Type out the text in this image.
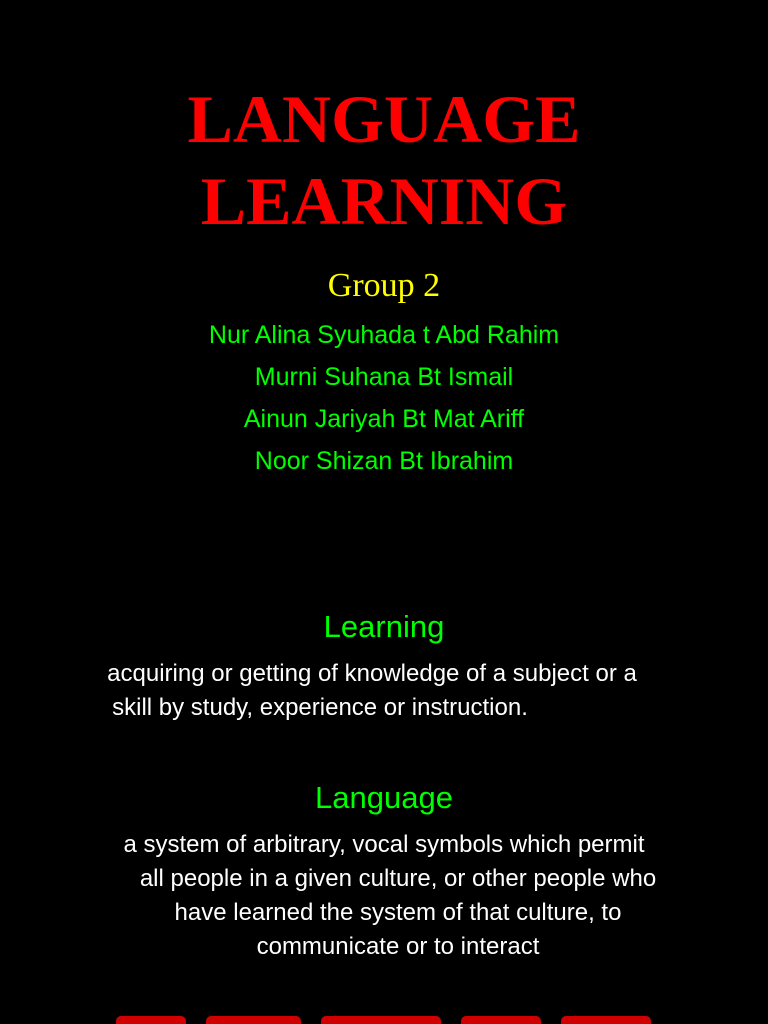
LANGUAGE
LEARNING
Group 2
Nur Alina Syuhada t Abd Rahim
Murni Suhana Bt Ismail
Ainun Jariyah Bt Mat Ariff
Noor Shizan Bt Ibrahim
Learning
acquiring or getting of knowledge of a subject or a
skill by study, experience or instruction.
Language
a system of arbitrary, vocal symbols which permit
all people in a given culture, or other people who
have learned the system of that culture, to
communicate or to interact
